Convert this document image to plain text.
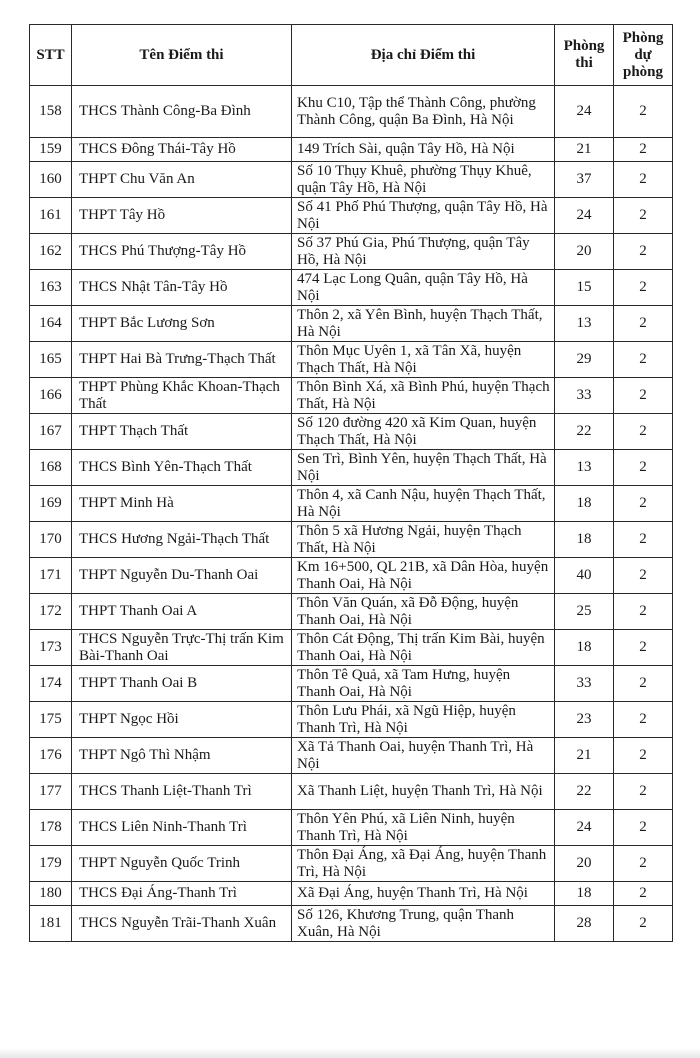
STT	Tên Điểm thi	Địa chỉ Điểm thi	Phòng thi	Phòng dự phòng
158	THCS Thành Công-Ba Đình	Khu C10, Tập thể Thành Công, phường Thành Công, quận Ba Đình, Hà Nội	24	2
159	THCS Đông Thái-Tây Hồ	149 Trích Sài, quận Tây Hồ, Hà Nội	21	2
160	THPT Chu Văn An	Số 10 Thụy Khuê, phường Thụy Khuê, quận Tây Hồ, Hà Nội	37	2
161	THPT Tây Hồ	Số 41 Phố Phú Thượng, quận Tây Hồ, Hà Nội	24	2
162	THCS Phú Thượng-Tây Hồ	Số 37 Phú Gia, Phú Thượng, quận Tây Hồ, Hà Nội	20	2
163	THCS Nhật Tân-Tây Hồ	474 Lạc Long Quân, quận Tây Hồ, Hà Nội	15	2
164	THPT Bắc Lương Sơn	Thôn 2, xã Yên Bình, huyện Thạch Thất, Hà Nội	13	2
165	THPT Hai Bà Trưng-Thạch Thất	Thôn Mục Uyên 1, xã Tân Xã, huyện Thạch Thất, Hà Nội	29	2
166	THPT Phùng Khắc Khoan-Thạch Thất	Thôn Bình Xá, xã Bình Phú, huyện Thạch Thất, Hà Nội	33	2
167	THPT Thạch Thất	Số 120 đường 420 xã Kim Quan, huyện Thạch Thất, Hà Nội	22	2
168	THCS Bình Yên-Thạch Thất	Sen Trì, Bình Yên, huyện Thạch Thất, Hà Nội	13	2
169	THPT Minh Hà	Thôn 4, xã Canh Nậu, huyện Thạch Thất, Hà Nội	18	2
170	THCS Hương Ngải-Thạch Thất	Thôn 5 xã Hương Ngải, huyện Thạch Thất, Hà Nội	18	2
171	THPT Nguyễn Du-Thanh Oai	Km 16+500, QL 21B, xã Dân Hòa, huyện Thanh Oai, Hà Nội	40	2
172	THPT Thanh Oai A	Thôn Văn Quán, xã Đỗ Động, huyện Thanh Oai, Hà Nội	25	2
173	THCS Nguyễn Trực-Thị trấn Kim Bài-Thanh Oai	Thôn Cát Động, Thị trấn Kim Bài, huyện Thanh Oai, Hà Nội	18	2
174	THPT Thanh Oai B	Thôn Tê Quả, xã Tam Hưng, huyện Thanh Oai, Hà Nội	33	2
175	THPT Ngọc Hồi	Thôn Lưu Phái, xã Ngũ Hiệp, huyện Thanh Trì, Hà Nội	23	2
176	THPT Ngô Thì Nhậm	Xã Tả Thanh Oai, huyện Thanh Trì, Hà Nội	21	2
177	THCS Thanh Liệt-Thanh Trì	Xã Thanh Liệt, huyện Thanh Trì, Hà Nội	22	2
178	THCS Liên Ninh-Thanh Trì	Thôn Yên Phú, xã Liên Ninh, huyện Thanh Trì, Hà Nội	24	2
179	THPT Nguyễn Quốc Trinh	Thôn Đại Áng, xã Đại Áng, huyện Thanh Trì, Hà Nội	20	2
180	THCS Đại Áng-Thanh Trì	Xã Đại Áng, huyện Thanh Trì, Hà Nội	18	2
181	THCS Nguyễn Trãi-Thanh Xuân	Số 126, Khương Trung, quận Thanh Xuân, Hà Nội	28	2
